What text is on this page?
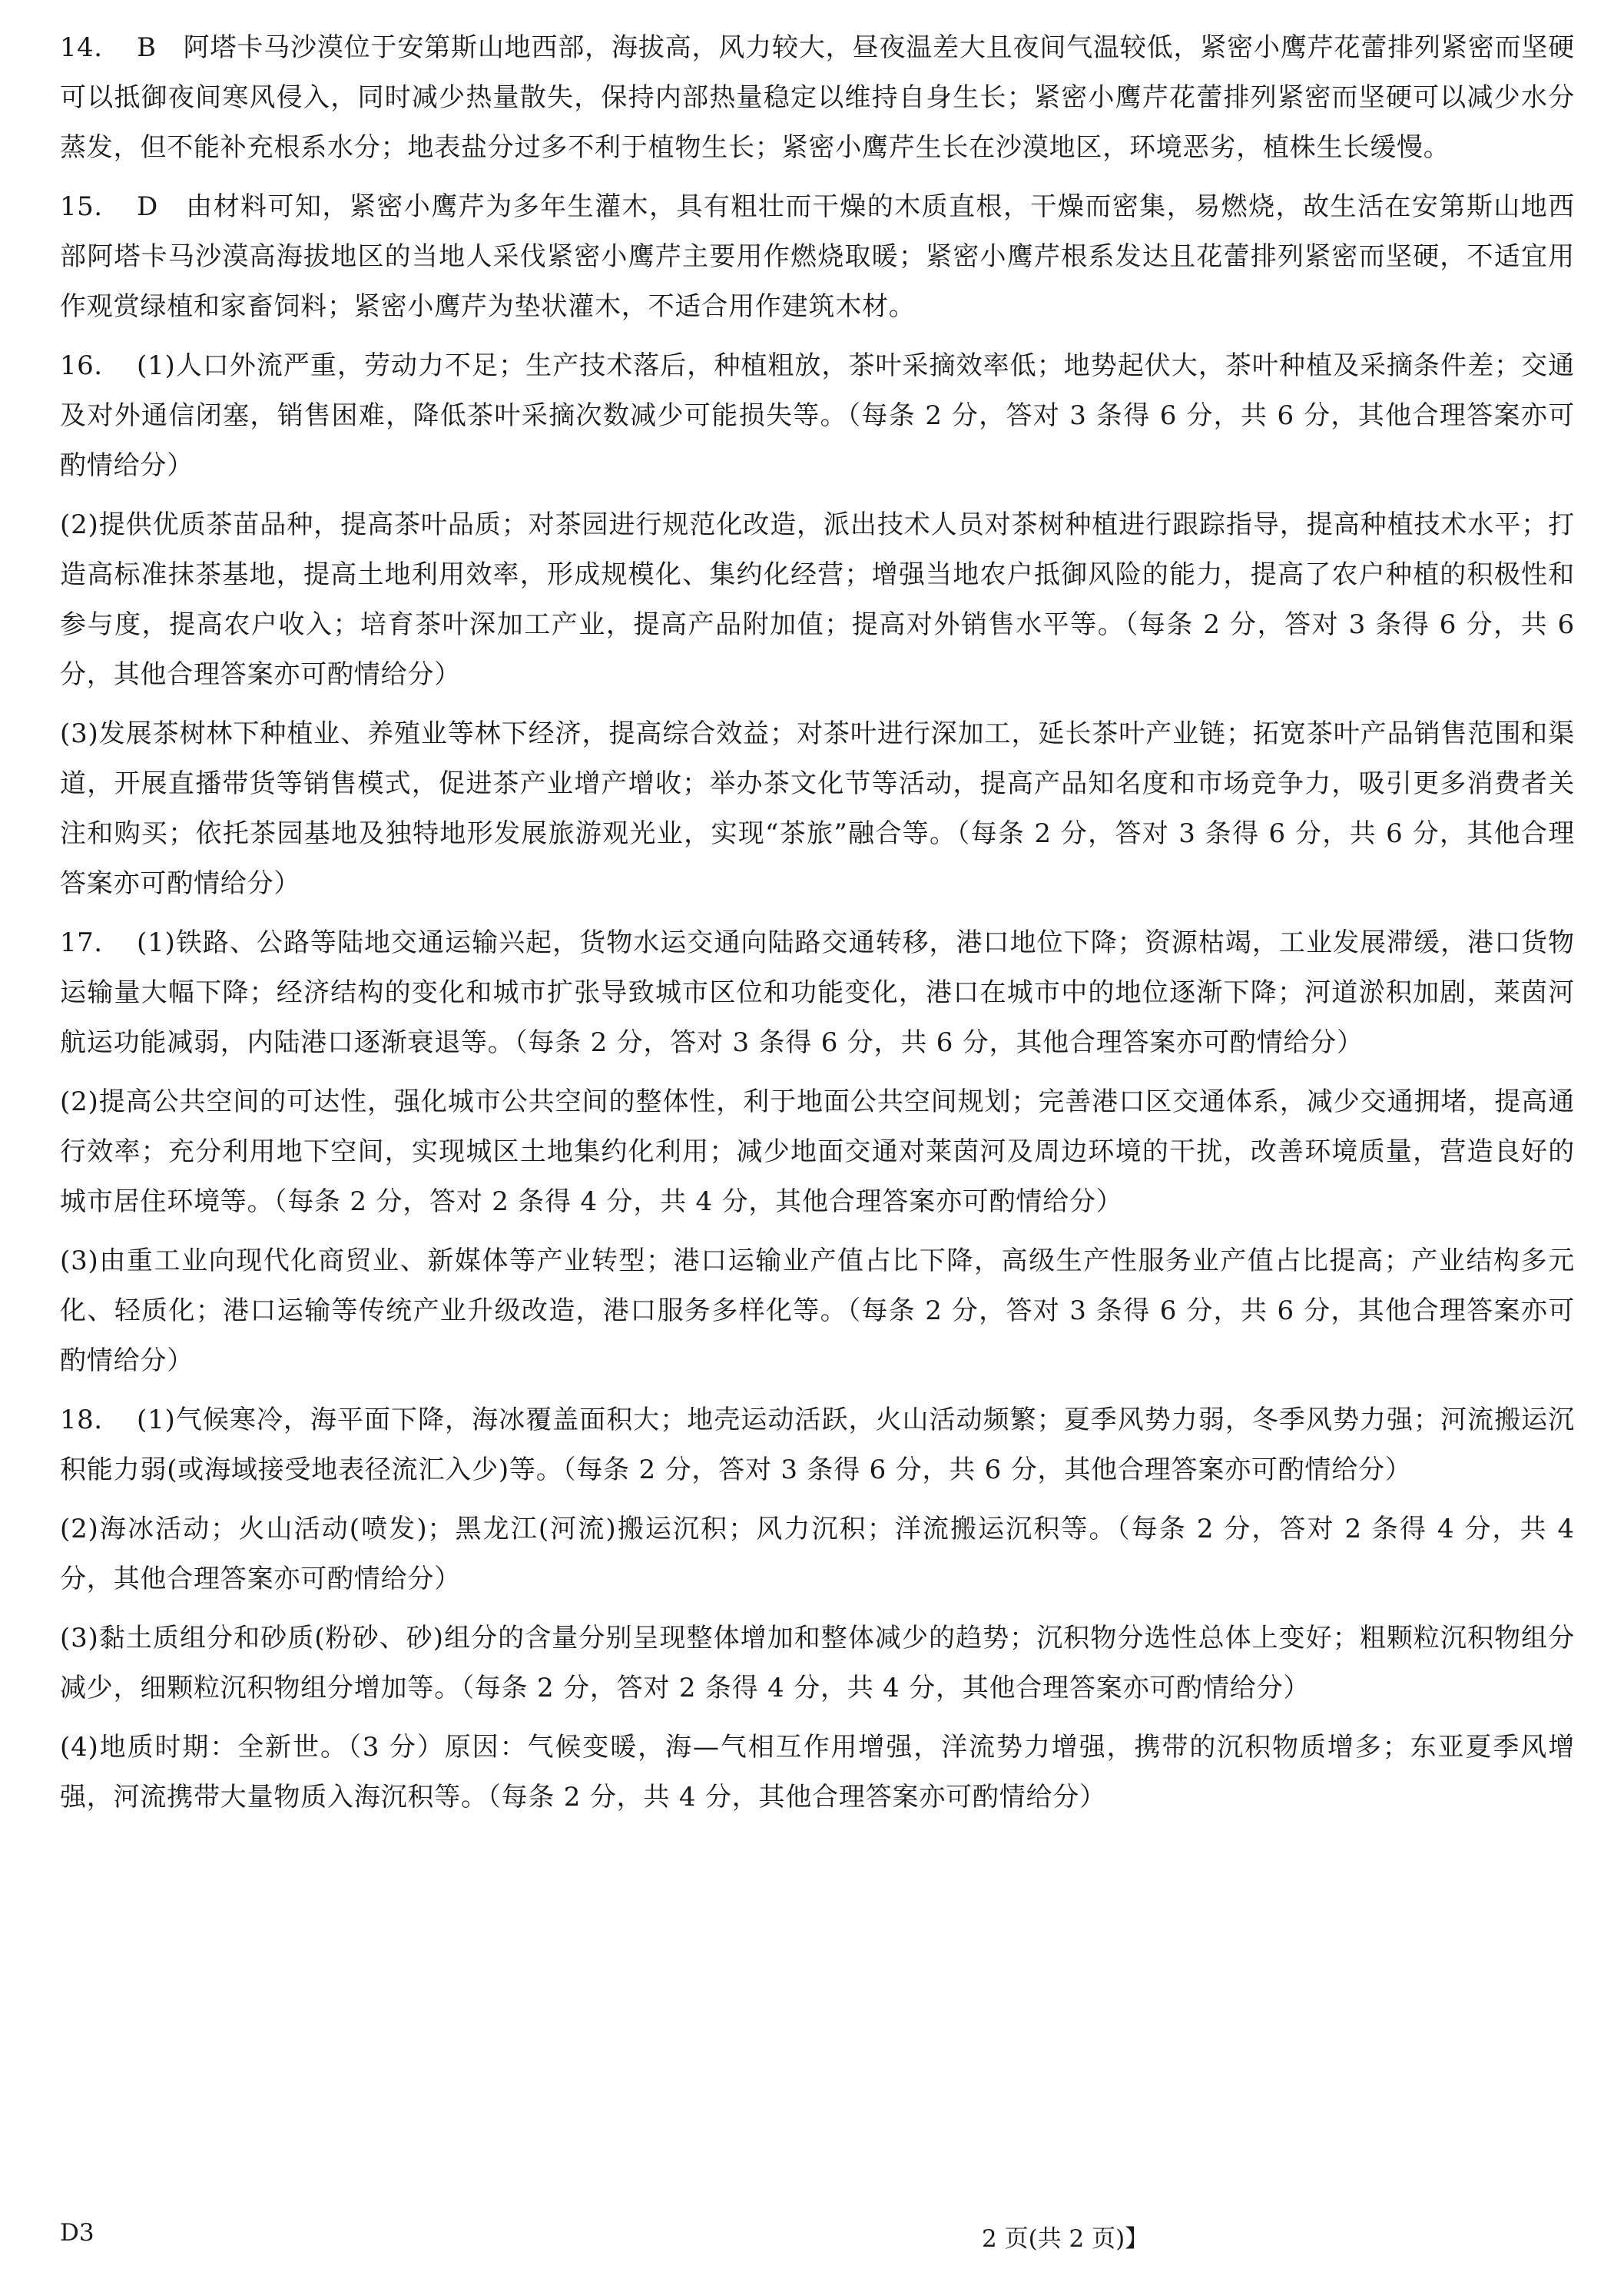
14.	B　阿塔卡马沙漠位于安第斯山地西部，海拔高，风力较大，昼夜温差大且夜间气温较低，紧密小鹰芹花蕾排列紧密而坚硬可以抵御夜间寒风侵入，同时减少热量散失，保持内部热量稳定以维持自身生长；紧密小鹰芹花蕾排列紧密而坚硬可以减少水分蒸发，但不能补充根系水分；地表盐分过多不利于植物生长；紧密小鹰芹生长在沙漠地区，环境恶劣，植株生长缓慢。

15.	D　由材料可知，紧密小鹰芹为多年生灌木，具有粗壮而干燥的木质直根，干燥而密集，易燃烧，故生活在安第斯山地西部阿塔卡马沙漠高海拔地区的当地人采伐紧密小鹰芹主要用作燃烧取暖；紧密小鹰芹根系发达且花蕾排列紧密而坚硬，不适宜用作观赏绿植和家畜饲料；紧密小鹰芹为垫状灌木，不适合用作建筑木材。

16.	(1)人口外流严重，劳动力不足；生产技术落后，种植粗放，茶叶采摘效率低；地势起伏大，茶叶种植及采摘条件差；交通及对外通信闭塞，销售困难，降低茶叶采摘次数减少可能损失等。（每条 2 分，答对 3 条得 6 分，共 6 分，其他合理答案亦可酌情给分）

(2)提供优质茶苗品种，提高茶叶品质；对茶园进行规范化改造，派出技术人员对茶树种植进行跟踪指导，提高种植技术水平；打造高标准抹茶基地，提高土地利用效率，形成规模化、集约化经营；增强当地农户抵御风险的能力，提高了农户种植的积极性和参与度，提高农户收入；培育茶叶深加工产业，提高产品附加值；提高对外销售水平等。（每条 2 分，答对 3 条得 6 分，共 6 分，其他合理答案亦可酌情给分）

(3)发展茶树林下种植业、养殖业等林下经济，提高综合效益；对茶叶进行深加工，延长茶叶产业链；拓宽茶叶产品销售范围和渠道，开展直播带货等销售模式，促进茶产业增产增收；举办茶文化节等活动，提高产品知名度和市场竞争力，吸引更多消费者关注和购买；依托茶园基地及独特地形发展旅游观光业，实现“茶旅”融合等。（每条 2 分，答对 3 条得 6 分，共 6 分，其他合理答案亦可酌情给分）

17.	(1)铁路、公路等陆地交通运输兴起，货物水运交通向陆路交通转移，港口地位下降；资源枯竭，工业发展滞缓，港口货物运输量大幅下降；经济结构的变化和城市扩张导致城市区位和功能变化，港口在城市中的地位逐渐下降；河道淤积加剧，莱茵河航运功能减弱，内陆港口逐渐衰退等。（每条 2 分，答对 3 条得 6 分，共 6 分，其他合理答案亦可酌情给分）

(2)提高公共空间的可达性，强化城市公共空间的整体性，利于地面公共空间规划；完善港口区交通体系，减少交通拥堵，提高通行效率；充分利用地下空间，实现城区土地集约化利用；减少地面交通对莱茵河及周边环境的干扰，改善环境质量，营造良好的城市居住环境等。（每条 2 分，答对 2 条得 4 分，共 4 分，其他合理答案亦可酌情给分）

(3)由重工业向现代化商贸业、新媒体等产业转型；港口运输业产值占比下降，高级生产性服务业产值占比提高；产业结构多元化、轻质化；港口运输等传统产业升级改造，港口服务多样化等。（每条 2 分，答对 3 条得 6 分，共 6 分，其他合理答案亦可酌情给分）

18.	(1)气候寒冷，海平面下降，海冰覆盖面积大；地壳运动活跃，火山活动频繁；夏季风势力弱，冬季风势力强；河流搬运沉积能力弱(或海域接受地表径流汇入少)等。（每条 2 分，答对 3 条得 6 分，共 6 分，其他合理答案亦可酌情给分）

(2)海冰活动；火山活动(喷发)；黑龙江(河流)搬运沉积；风力沉积；洋流搬运沉积等。（每条 2 分，答对 2 条得 4 分，共 4 分，其他合理答案亦可酌情给分）

(3)黏土质组分和砂质(粉砂、砂)组分的含量分别呈现整体增加和整体减少的趋势；沉积物分选性总体上变好；粗颗粒沉积物组分减少，细颗粒沉积物组分增加等。（每条 2 分，答对 2 条得 4 分，共 4 分，其他合理答案亦可酌情给分）

(4)地质时期：全新世。（3 分）原因：气候变暖，海—气相互作用增强，洋流势力增强，携带的沉积物质增多；东亚夏季风增强，河流携带大量物质入海沉积等。（每条 2 分，共 4 分，其他合理答案亦可酌情给分）

D3	2 页(共 2 页)】
